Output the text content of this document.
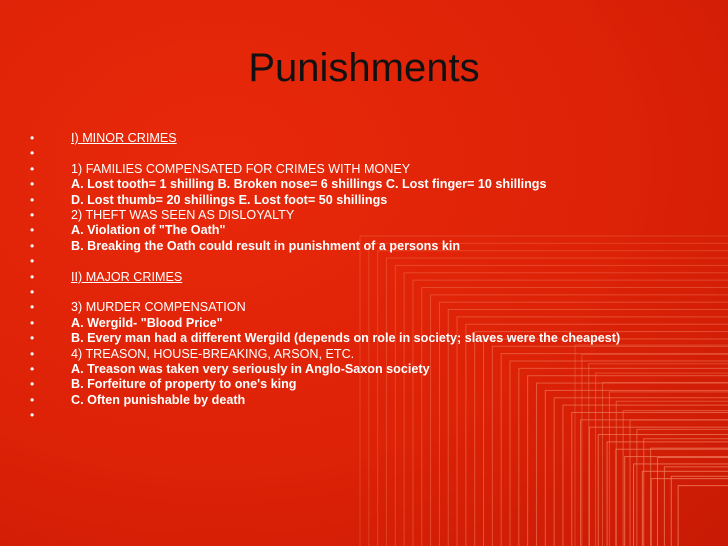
Punishments
•	I) MINOR CRIMES
•
•	1) FAMILIES COMPENSATED FOR CRIMES WITH MONEY
•	A. Lost tooth= 1 shilling B. Broken nose= 6 shillings C. Lost finger= 10 shillings
•	D. Lost thumb= 20 shillings E. Lost foot= 50 shillings
•	2) THEFT WAS SEEN AS DISLOYALTY
•	A. Violation of "The Oath"
•	B. Breaking the Oath could result in punishment of a persons kin
•
•	II) MAJOR CRIMES
•
•	3) MURDER COMPENSATION
•	A. Wergild- "Blood Price"
•	B. Every man had a different Wergild (depends on role in society; slaves were the cheapest)
•	4) TREASON, HOUSE-BREAKING, ARSON, ETC.
•	A. Treason was taken very seriously in Anglo-Saxon society
•	B. Forfeiture of property to one's king
•	C. Often punishable by death
•
